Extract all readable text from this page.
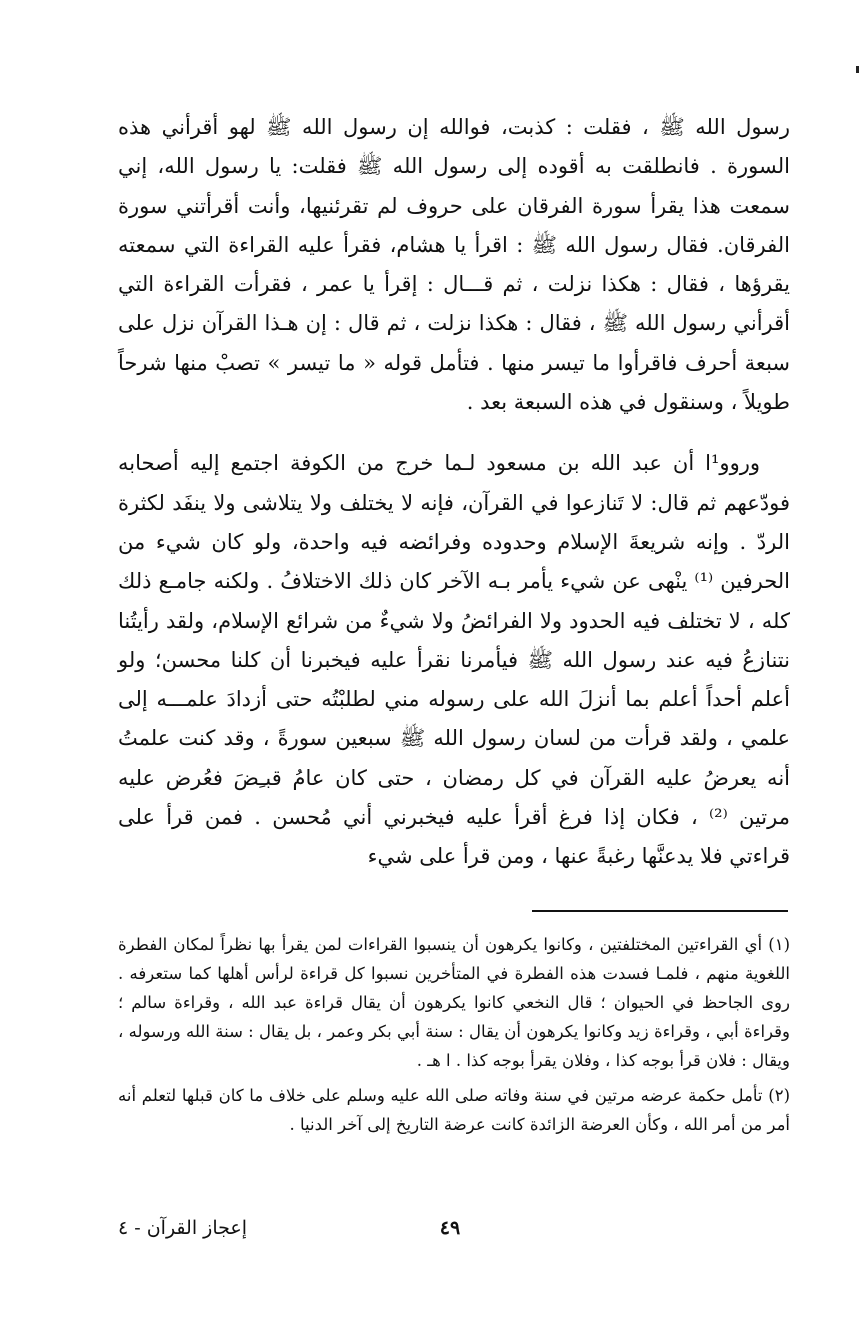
رسول الله ﷺ ، فقلت : كذبت، فوالله إن رسول الله ﷺ لهو أقرأني هذه السورة . فانطلقت به أقوده إلى رسول الله ﷺ فقلت: يا رسول الله، إني سمعت هذا يقرأ سورة الفرقان على حروف لم تقرئنيها، وأنت أقرأتني سورة الفرقان. فقال رسول الله ﷺ : اقرأ يا هشام، فقرأ عليه القراءة التي سمعته يقرؤها ، فقال : هكذا نزلت ، ثم قـــال : إقرأ يا عمر ، فقرأت القراءة التي أقرأني رسول الله ﷺ ، فقال : هكذا نزلت ، ثم قال : إن هـذا القرآن نزل على سبعة أحرف فاقرأوا ما تيسر منها . فتأمل قوله « ما تيسر » تصبْ منها شرحاً طويلاً ، وسنقول في هذه السبعة بعد .

وروو¹ا أن عبد الله بن مسعود لـما خرج من الكوفة اجتمع إليه أصحابه فودّعهم ثم قال: لا تَنازعوا في القرآن، فإنه لا يختلف ولا يتلاشى ولا ينفَد لكثرة الردّ . وإنه شريعةَ الإسلام وحدوده وفرائضه فيه واحدة، ولو كان شيء من الحرفين ⁽¹⁾ ينْهى عن شيء يأمر بـه الآخر كان ذلك الاختلافُ . ولكنه جامـع ذلك كله ، لا تختلف فيه الحدود ولا الفرائضُ ولا شيءٌ من شرائع الإسلام، ولقد رأيتُنا نتنازعُ فيه عند رسول الله ﷺ فيأمرنا نقرأ عليه فيخبرنا أن كلنا محسن؛ ولو أعلم أحداً أعلم بما أنزلَ الله على رسوله مني لطلبْتُه حتى أزدادَ علمـــه إلى علمي ، ولقد قرأت من لسان رسول الله ﷺ سبعين سورةً ، وقد كنت علمتُ أنه يعرضُ عليه القرآن في كل رمضان ، حتى كان عامُ قبـِضَ فعُرض عليه مرتين ⁽²⁾ ، فكان إذا فرغ أقرأ عليه فيخبرني أني مُحسن . فمن قرأ على قراءتي فلا يدعنَّها رغبةً عنها ، ومن قرأ على شيء

(١) أي القراءتين المختلفتين ، وكانوا يكرهون أن ينسبوا القراءات لمن يقرأ بها نظراً لمكان الفطرة اللغوية منهم ، فلمـا فسدت هذه الفطرة في المتأخرين نسبوا كل قراءة لرأس أهلها كما ستعرفه . روى الجاحظ في الحيوان ؛ قال النخعي كانوا يكرهون أن يقال قراءة عبد الله ، وقراءة سالم ؛ وقراءة أبي ، وقراءة زيد وكانوا يكرهون أن يقال : سنة أبي بكر وعمر ، بل يقال : سنة الله ورسوله ، ويقال : فلان قرأ بوجه كذا ، وفلان يقرأ بوجه كذا . ا هـ .

(٢) تأمل حكمة عرضه مرتين في سنة وفاته صلى الله عليه وسلم على خلاف ما كان قبلها لتعلم أنه أمر من أمر الله ، وكأن العرضة الزائدة كانت عرضة التاريخ إلى آخر الدنيا .

٤٩
إعجاز القرآن - ٤
